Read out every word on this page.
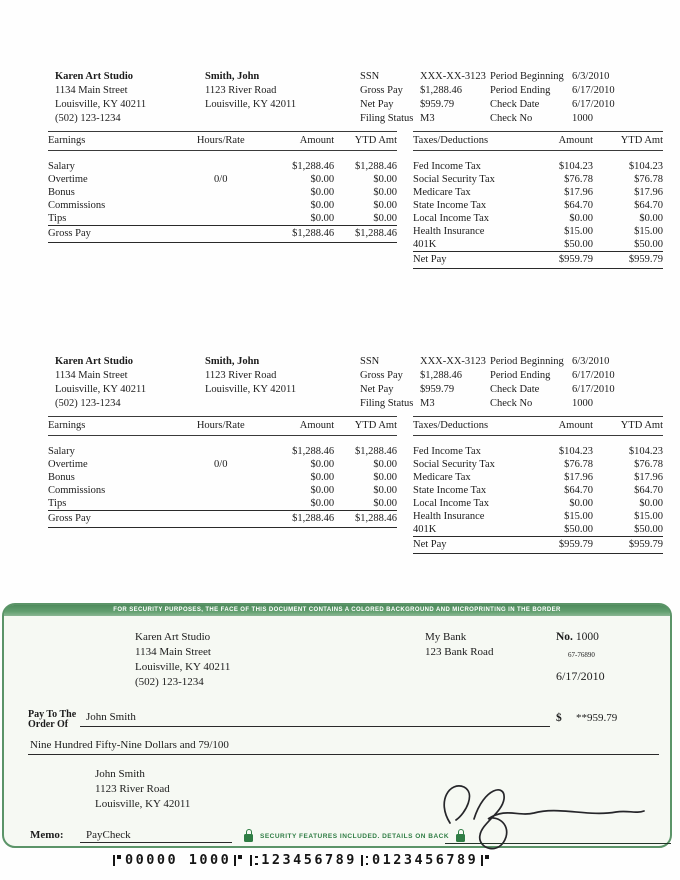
Karen Art Studio
1134 Main Street
Louisville, KY 40211
(502) 123-1234
Smith, John
1123 River Road
Louisville, KY 42011
SSN	XXX-XX-3123
Gross Pay	$1,288.46
Net Pay	$959.79
Filing Status	M3
Period Beginning	6/3/2010
Period Ending	6/17/2010
Check Date	6/17/2010
Check No	1000
Earnings	Hours/Rate	Amount	YTD Amt
Salary		$1,288.46	$1,288.46
Overtime	0/0	$0.00	$0.00
Bonus		$0.00	$0.00
Commissions		$0.00	$0.00
Tips		$0.00	$0.00
Gross Pay		$1,288.46	$1,288.46
Taxes/Deductions	Amount	YTD Amt
Fed Income Tax	$104.23	$104.23
Social Security Tax	$76.78	$76.78
Medicare Tax	$17.96	$17.96
State Income Tax	$64.70	$64.70
Local Income Tax	$0.00	$0.00
Health Insurance	$15.00	$15.00
401K	$50.00	$50.00
Net Pay	$959.79	$959.79
Karen Art Studio
1134 Main Street
Louisville, KY 40211
(502) 123-1234
Smith, John
1123 River Road
Louisville, KY 42011
SSN	XXX-XX-3123
Gross Pay	$1,288.46
Net Pay	$959.79
Filing Status	M3
Period Beginning	6/3/2010
Period Ending	6/17/2010
Check Date	6/17/2010
Check No	1000
Earnings	Hours/Rate	Amount	YTD Amt
Salary		$1,288.46	$1,288.46
Overtime	0/0	$0.00	$0.00
Bonus		$0.00	$0.00
Commissions		$0.00	$0.00
Tips		$0.00	$0.00
Gross Pay		$1,288.46	$1,288.46
Taxes/Deductions	Amount	YTD Amt
Fed Income Tax	$104.23	$104.23
Social Security Tax	$76.78	$76.78
Medicare Tax	$17.96	$17.96
State Income Tax	$64.70	$64.70
Local Income Tax	$0.00	$0.00
Health Insurance	$15.00	$15.00
401K	$50.00	$50.00
Net Pay	$959.79	$959.79
FOR SECURITY PURPOSES, THE FACE OF THIS DOCUMENT CONTAINS A COLORED BACKGROUND AND MICROPRINTING IN THE BORDER
Karen Art Studio
1134 Main Street
Louisville, KY 40211
(502) 123-1234
My Bank
123 Bank Road
No. 1000
67-76890
6/17/2010
Pay To The
Order Of
John Smith	$ **959.79
Nine Hundred Fifty-Nine Dollars and 79/100
John Smith
1123 River Road
Louisville, KY 42011
Memo:	PayCheck	SECURITY FEATURES INCLUDED. DETAILS ON BACK
00000 1000 123456789 0123456789
